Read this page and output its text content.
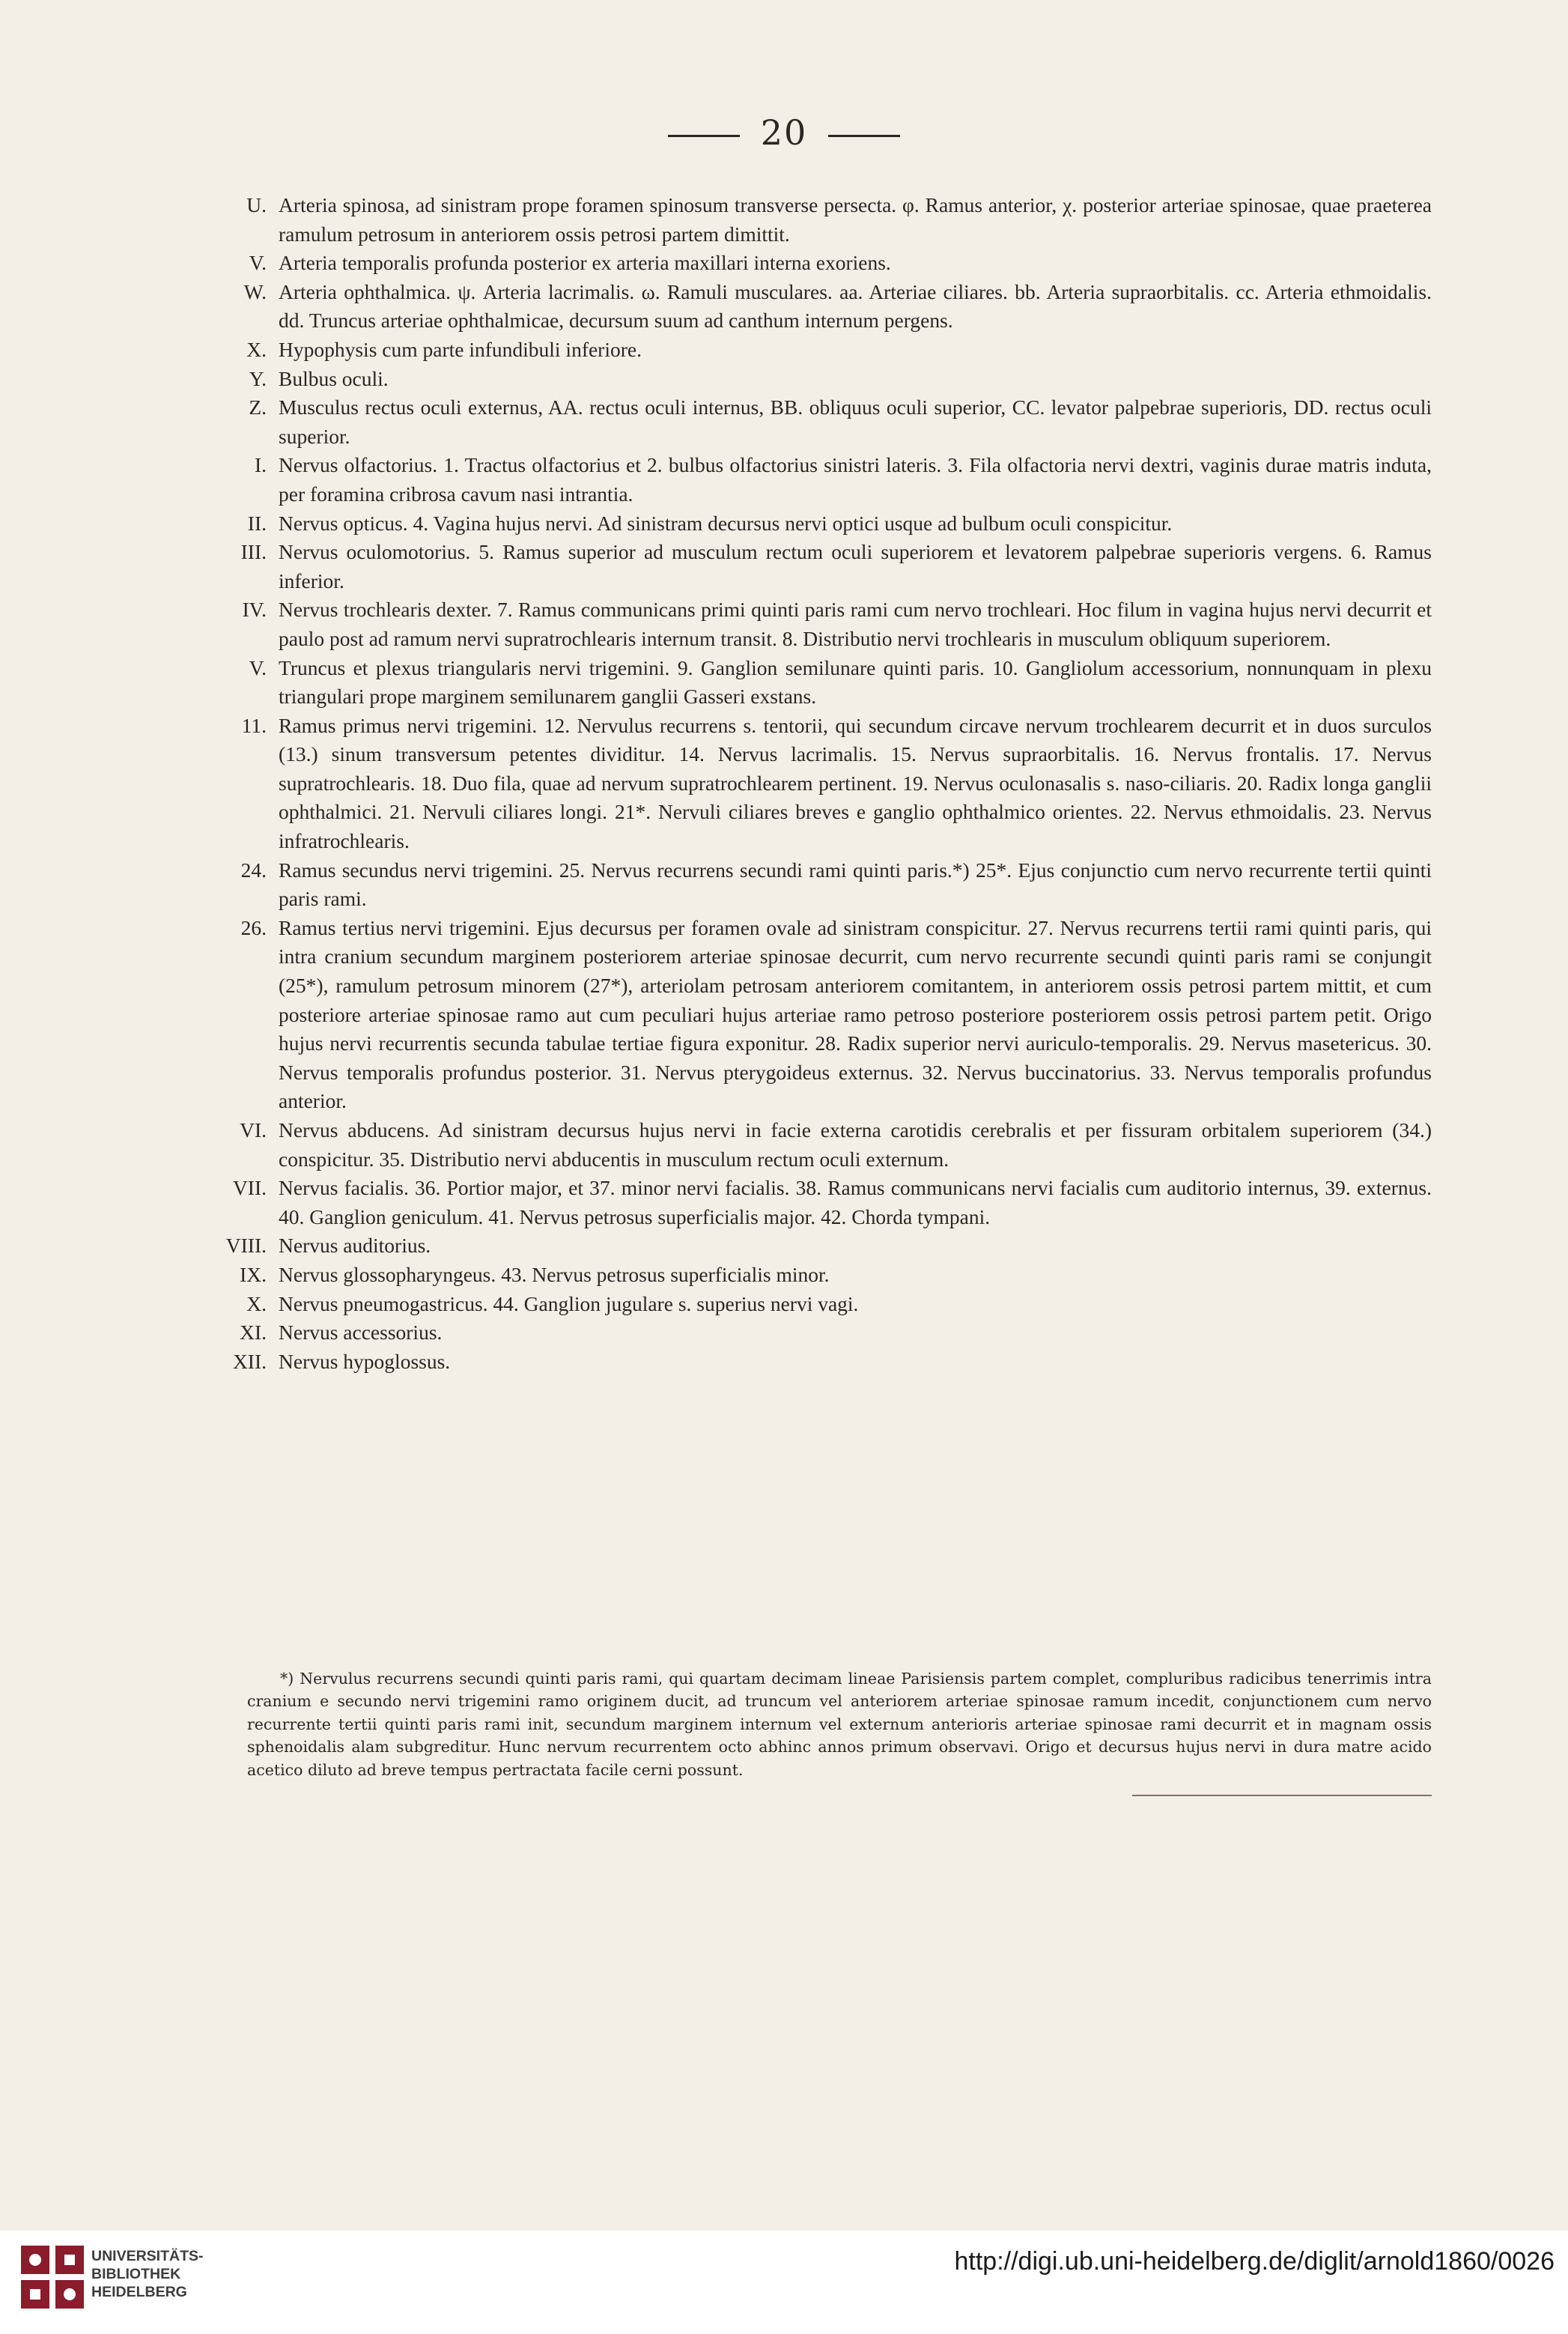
20
U. Arteria spinosa, ad sinistram prope foramen spinosum transverse persecta. φ. Ramus anterior, χ. posterior arteriae spinosae, quae praeterea ramulum petrosum in anteriorem ossis petrosi partem dimittit.
V. Arteria temporalis profunda posterior ex arteria maxillari interna exoriens.
W. Arteria ophthalmica. ψ. Arteria lacrimalis. ω. Ramuli musculares. aa. Arteriae ciliares. bb. Arteria supraorbitalis. cc. Arteria ethmoidalis. dd. Truncus arteriae ophthalmicae, decursum suum ad canthum internum pergens.
X. Hypophysis cum parte infundibuli inferiore.
Y. Bulbus oculi.
Z. Musculus rectus oculi externus, AA. rectus oculi internus, BB. obliquus oculi superior, CC. levator palpebrae superioris, DD. rectus oculi superior.
I. Nervus olfactorius. 1. Tractus olfactorius et 2. bulbus olfactorius sinistri lateris. 3. Fila olfactoria nervi dextri, vaginis durae matris induta, per foramina cribrosa cavum nasi intrantia.
II. Nervus opticus. 4. Vagina hujus nervi. Ad sinistram decursus nervi optici usque ad bulbum oculi conspicitur.
III. Nervus oculomotorius. 5. Ramus superior ad musculum rectum oculi superiorem et levatorem palpebrae superioris vergens. 6. Ramus inferior.
IV. Nervus trochlearis dexter. 7. Ramus communicans primi quinti paris rami cum nervo trochleari. Hoc filum in vagina hujus nervi decurrit et paulo post ad ramum nervi supratrochlearis internum transit. 8. Distributio nervi trochlearis in musculum obliquum superiorem.
V. Truncus et plexus triangularis nervi trigemini. 9. Ganglion semilunare quinti paris. 10. Gangliolum accessorium, nonnunquam in plexu triangulari prope marginem semilunarem ganglii Gasseri exstans.
11. Ramus primus nervi trigemini. 12. Nervulus recurrens s. tentorii, qui secundum circave nervum trochlearem decurrit et in duos surculos (13.) sinum transversum petentes dividitur. 14. Nervus lacrimalis. 15. Nervus supraorbitalis. 16. Nervus frontalis. 17. Nervus supratrochlearis. 18. Duo fila, quae ad nervum supratrochlearem pertinent. 19. Nervus oculonasalis s. naso-ciliaris. 20. Radix longa ganglii ophthalmici. 21. Nervuli ciliares longi. 21*. Nervuli ciliares breves e ganglio ophthalmico orientes. 22. Nervus ethmoidalis. 23. Nervus infratrochlearis.
24. Ramus secundus nervi trigemini. 25. Nervus recurrens secundi rami quinti paris.*) 25*. Ejus conjunctio cum nervo recurrente tertii quinti paris rami.
26. Ramus tertius nervi trigemini. Ejus decursus per foramen ovale ad sinistram conspicitur. 27. Nervus recurrens tertii rami quinti paris, qui intra cranium secundum marginem posteriorem arteriae spinosae decurrit, cum nervo recurrente secundi quinti paris rami se conjungit (25*), ramulum petrosum minorem (27*), arteriolam petrosam anteriorem comitantem, in anteriorem ossis petrosi partem mittit, et cum posteriore arteriae spinosae ramo aut cum peculiari hujus arteriae ramo petroso posteriore posteriorem ossis petrosi partem petit. Origo hujus nervi recurrentis secunda tabulae tertiae figura exponitur. 28. Radix superior nervi auriculo-temporalis. 29. Nervus masetericus. 30. Nervus temporalis profundus posterior. 31. Nervus pterygoideus externus. 32. Nervus buccinatorius. 33. Nervus temporalis profundus anterior.
VI. Nervus abducens. Ad sinistram decursus hujus nervi in facie externa carotidis cerebralis et per fissuram orbitalem superiorem (34.) conspicitur. 35. Distributio nervi abducentis in musculum rectum oculi externum.
VII. Nervus facialis. 36. Portior major, et 37. minor nervi facialis. 38. Ramus communicans nervi facialis cum auditorio internus, 39. externus. 40. Ganglion geniculum. 41. Nervus petrosus superficialis major. 42. Chorda tympani.
VIII. Nervus auditorius.
IX. Nervus glossopharyngeus. 43. Nervus petrosus superficialis minor.
X. Nervus pneumogastricus. 44. Ganglion jugulare s. superius nervi vagi.
XI. Nervus accessorius.
XII. Nervus hypoglossus.
*) Nervulus recurrens secundi quinti paris rami, qui quartam decimam lineae Parisiensis partem complet, compluribus radicibus tenerrimis intra cranium e secundo nervi trigemini ramo originem ducit, ad truncum vel anteriorem arteriae spinosae ramum incedit, conjunctionem cum nervo recurrente tertii quinti paris rami init, secundum marginem internum vel externum anterioris arteriae spinosae rami decurrit et in magnam ossis sphenoidalis alam subgreditur. Hunc nervum recurrentem octo abhinc annos primum observavi. Origo et decursus hujus nervi in dura matre acido acetico diluto ad breve tempus pertractata facile cerni possunt.
UNIVERSITÄTS-
BIBLIOTHEK
HEIDELBERG
http://digi.ub.uni-heidelberg.de/diglit/arnold1860/0026
